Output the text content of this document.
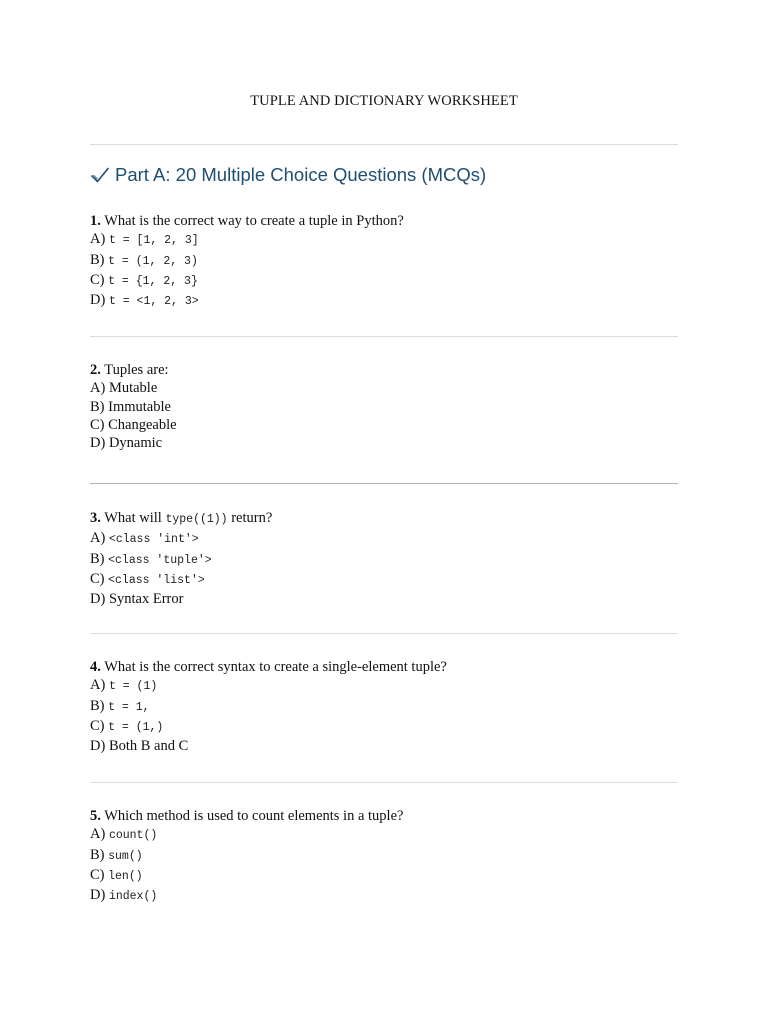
TUPLE AND DICTIONARY WORKSHEET
Part A: 20 Multiple Choice Questions (MCQs)
1. What is the correct way to create a tuple in Python?
A) t = [1, 2, 3]
B) t = (1, 2, 3)
C) t = {1, 2, 3}
D) t = <1, 2, 3>
2. Tuples are:
A) Mutable
B) Immutable
C) Changeable
D) Dynamic
3. What will type((1)) return?
A) <class 'int'>
B) <class 'tuple'>
C) <class 'list'>
D) Syntax Error
4. What is the correct syntax to create a single-element tuple?
A) t = (1)
B) t = 1,
C) t = (1,)
D) Both B and C
5. Which method is used to count elements in a tuple?
A) count()
B) sum()
C) len()
D) index()
